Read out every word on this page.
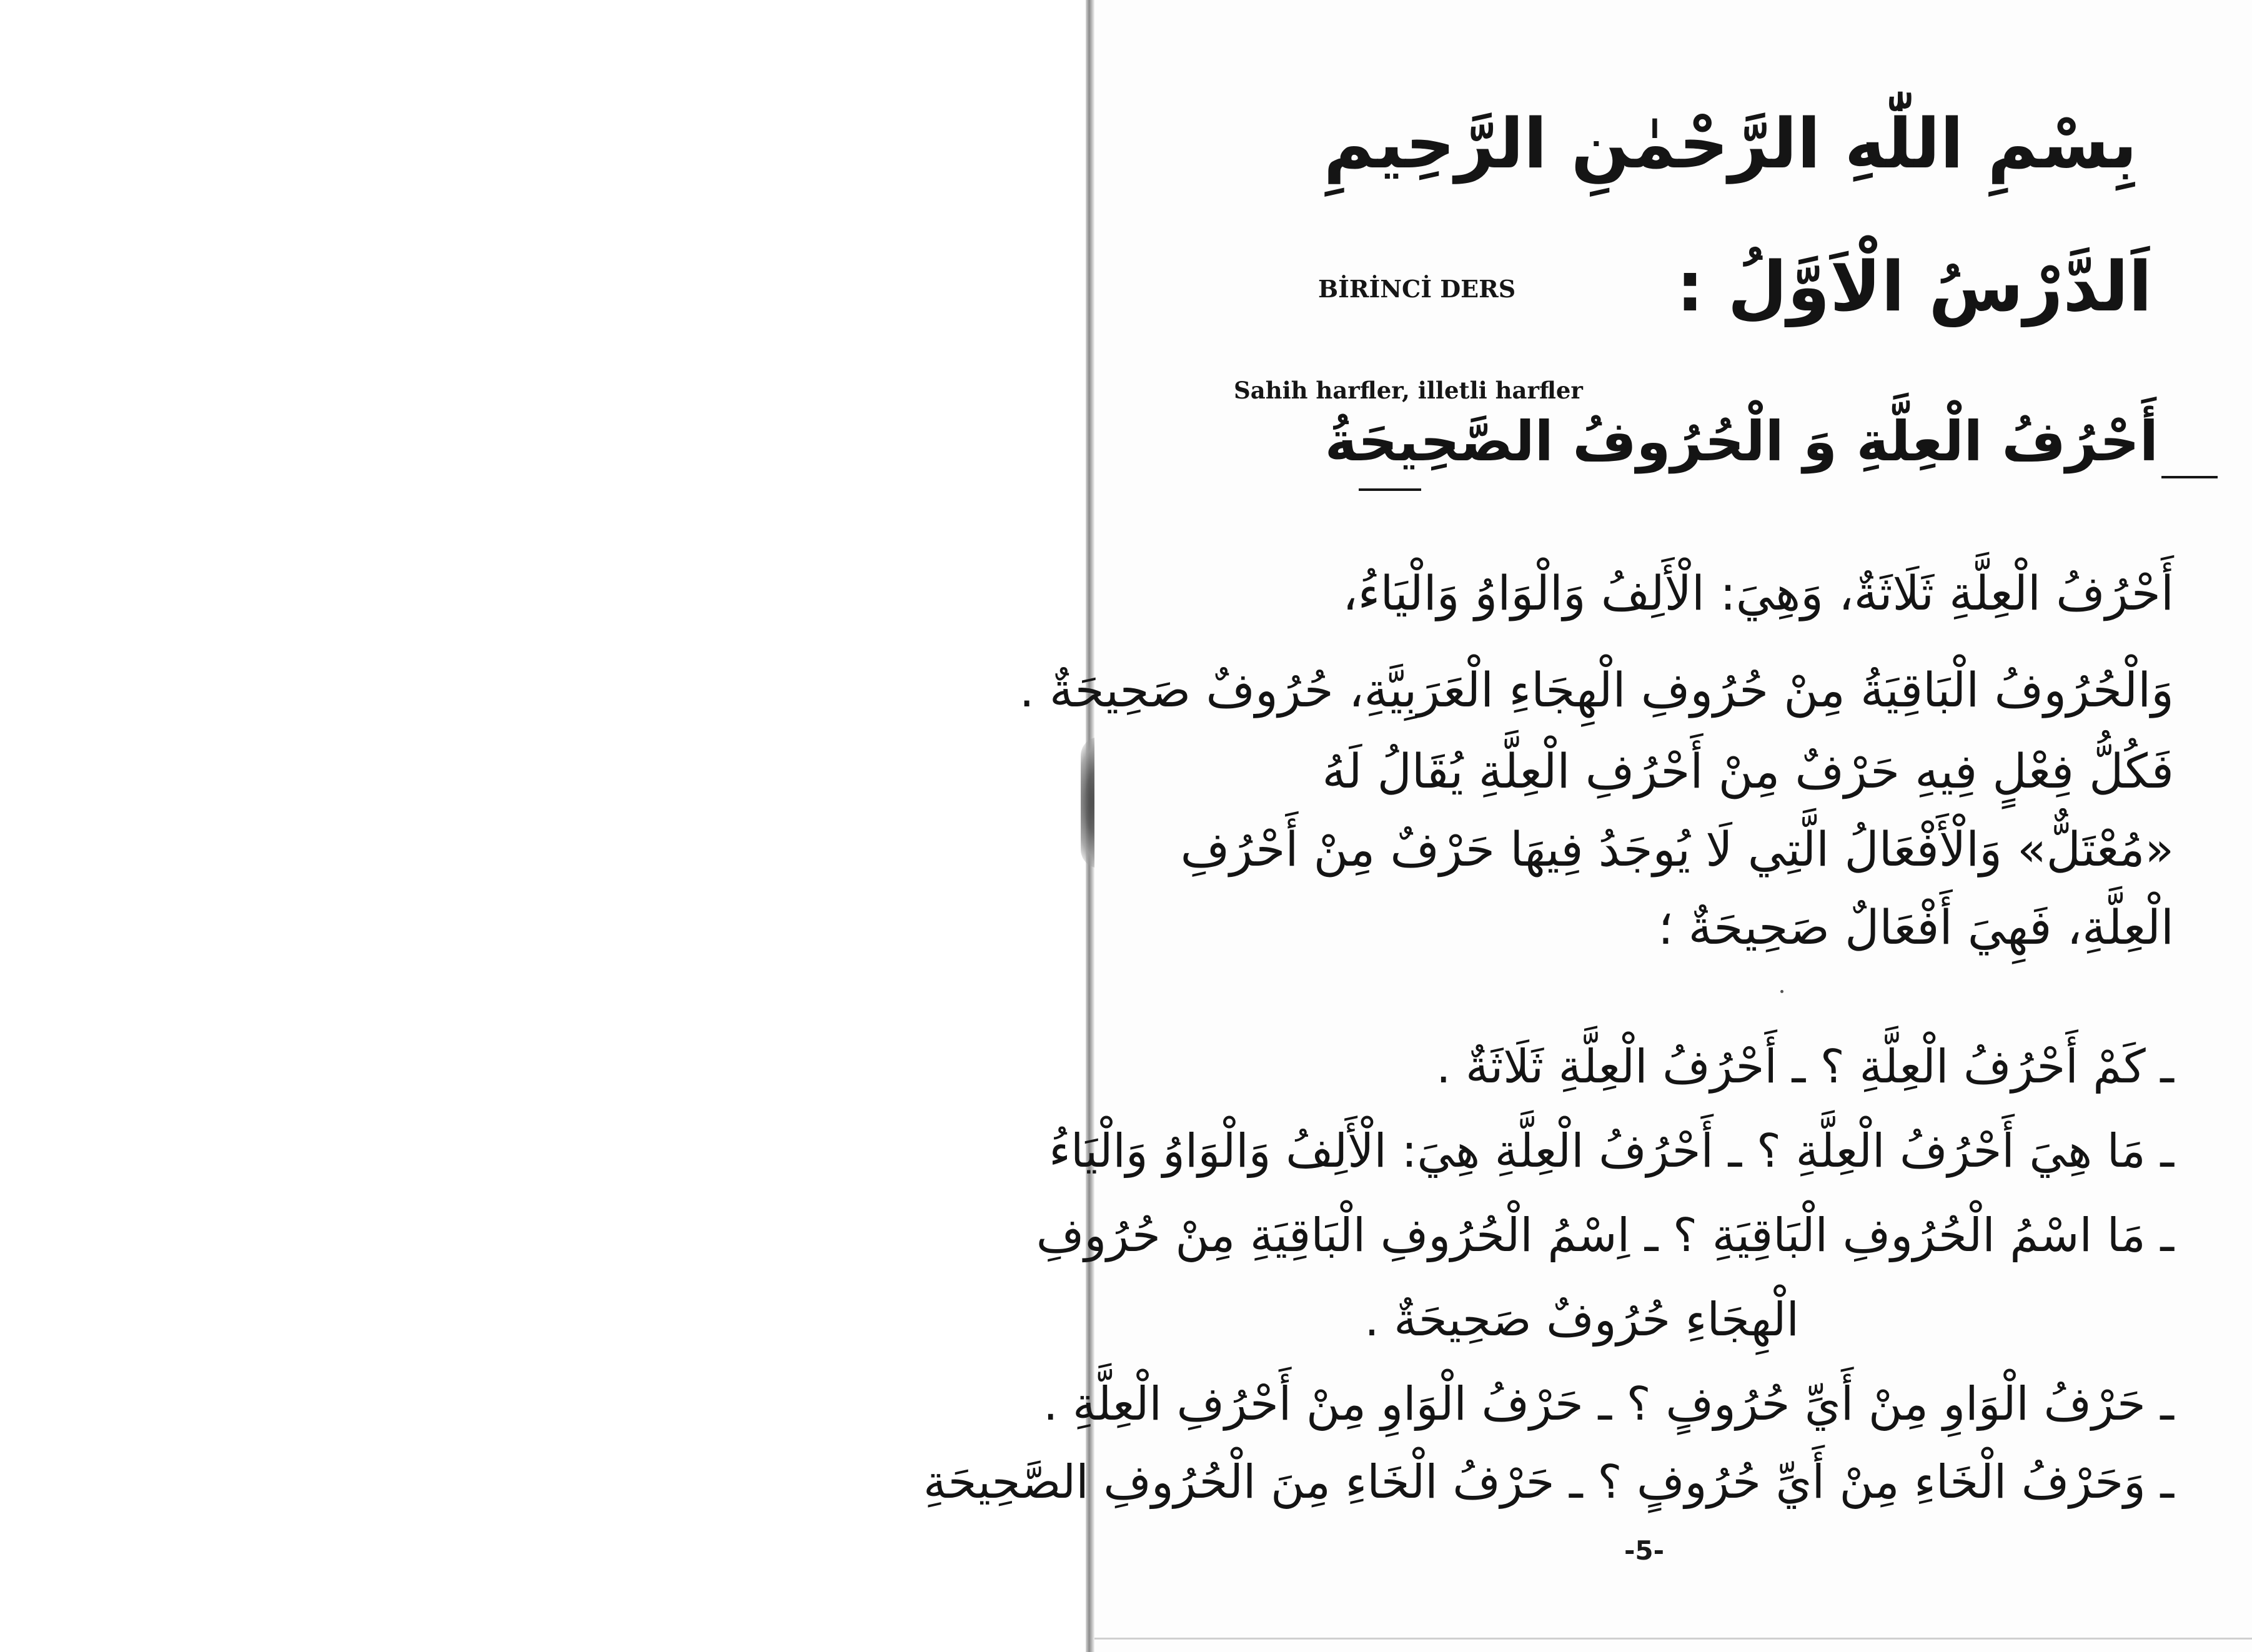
بِسْمِ اللّٰهِ الرَّحْمٰنِ الرَّحِيمِ
BİRİNCİ DERS اَلدَّرْسُ الْاَوَّلُ :
Sahih harfler, illetli harfler
أَحْرُفُ الْعِلَّةِ وَ الْحُرُوفُ الصَّحِيحَةُ
أَحْرُفُ الْعِلَّةِ ثَلَاثَةٌ، وَهِيَ: الْأَلِفُ وَالْوَاوُ وَالْيَاءُ،
وَالْحُرُوفُ الْبَاقِيَةُ مِنْ حُرُوفِ الْهِجَاءِ الْعَرَبِيَّةِ، حُرُوفٌ صَحِيحَةٌ .
فَكُلُّ فِعْلٍ فِيهِ حَرْفٌ مِنْ أَحْرُفِ الْعِلَّةِ يُقَالُ لَهُ
«مُعْتَلٌّ» وَالْأَفْعَالُ الَّتِي لَا يُوجَدُ فِيهَا حَرْفٌ مِنْ أَحْرُفِ
الْعِلَّةِ، فَهِيَ أَفْعَالٌ صَحِيحَةٌ ؛
ـ كَمْ أَحْرُفُ الْعِلَّةِ ؟ ـ أَحْرُفُ الْعِلَّةِ ثَلَاثَةٌ .
ـ مَا هِيَ أَحْرُفُ الْعِلَّةِ ؟ ـ أَحْرُفُ الْعِلَّةِ هِيَ: الْأَلِفُ وَالْوَاوُ وَالْيَاءُ
ـ مَا اسْمُ الْحُرُوفِ الْبَاقِيَةِ ؟ ـ اِسْمُ الْحُرُوفِ الْبَاقِيَةِ مِنْ حُرُوفِ
الْهِجَاءِ حُرُوفٌ صَحِيحَةٌ .
ـ حَرْفُ الْوَاوِ مِنْ أَيِّ حُرُوفٍ ؟ ـ حَرْفُ الْوَاوِ مِنْ أَحْرُفِ الْعِلَّةِ .
ـ وَحَرْفُ الْخَاءِ مِنْ أَيِّ حُرُوفٍ ؟ ـ حَرْفُ الْخَاءِ مِنَ الْحُرُوفِ الصَّحِيحَةِ
-5-
